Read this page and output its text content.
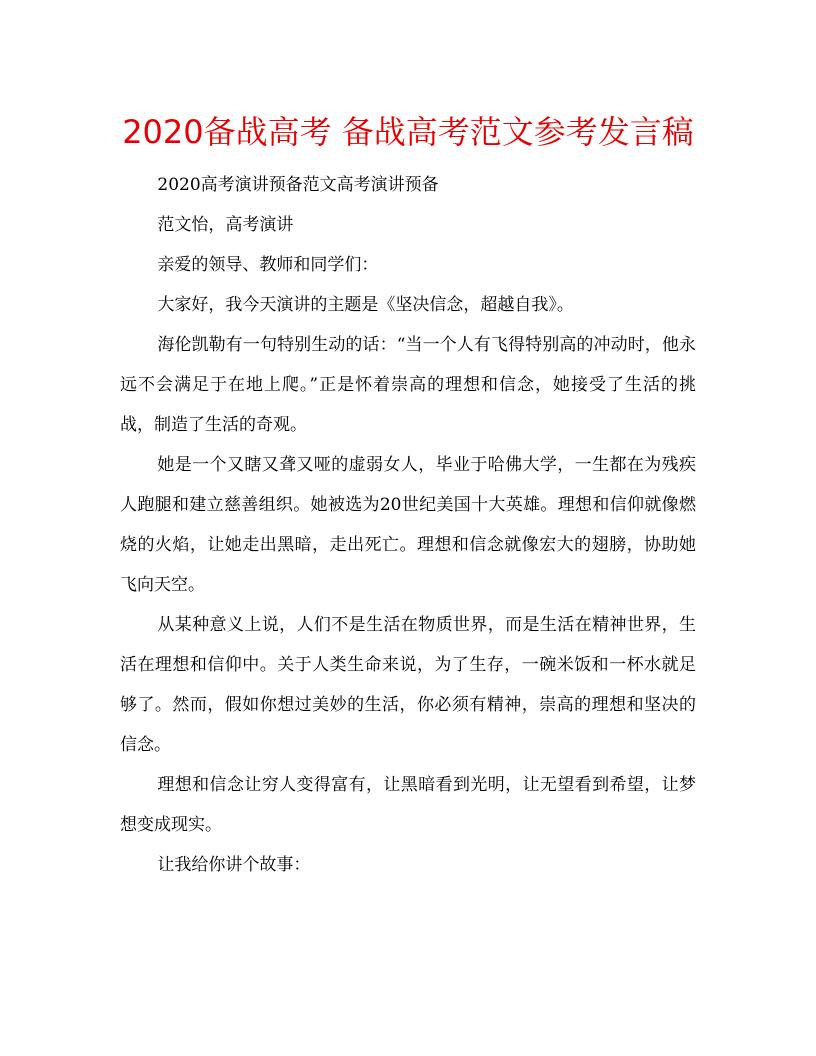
2020备战高考 备战高考范文参考发言稿

2020高考演讲预备范文高考演讲预备

范文怡，高考演讲

亲爱的领导、教师和同学们：

大家好，我今天演讲的主题是《坚决信念，超越自我》。

海伦凯勒有一句特别生动的话：“当一个人有飞得特别高的冲动时，他永远不会满足于在地上爬。”正是怀着崇高的理想和信念，她接受了生活的挑战，制造了生活的奇观。

她是一个又瞎又聋又哑的虚弱女人，毕业于哈佛大学，一生都在为残疾人跑腿和建立慈善组织。她被选为20世纪美国十大英雄。理想和信仰就像燃烧的火焰，让她走出黑暗，走出死亡。理想和信念就像宏大的翅膀，协助她飞向天空。

从某种意义上说，人们不是生活在物质世界，而是生活在精神世界，生活在理想和信仰中。关于人类生命来说，为了生存，一碗米饭和一杯水就足够了。然而，假如你想过美妙的生活，你必须有精神，崇高的理想和坚决的信念。

理想和信念让穷人变得富有，让黑暗看到光明，让无望看到希望，让梦想变成现实。

让我给你讲个故事：
